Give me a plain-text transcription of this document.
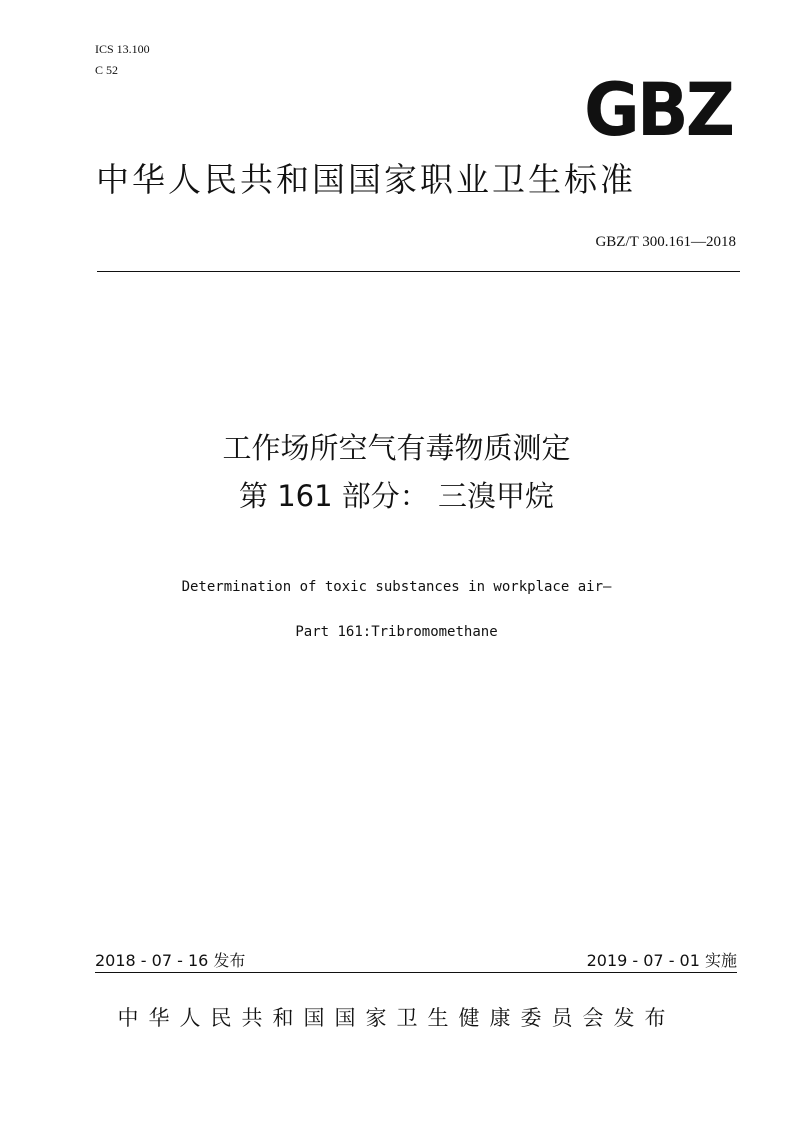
ICS 13.100
C 52	GBZ
中华人民共和国国家职业卫生标准
GBZ/T 300.161—2018
工作场所空气有毒物质测定
第 161 部分： 三溴甲烷
Determination of toxic substances in workplace air—
Part 161:Tribromomethane
2018 - 07 - 16 发布	2019 - 07 - 01 实施
中华人民共和国国家卫生健康委员会发布
